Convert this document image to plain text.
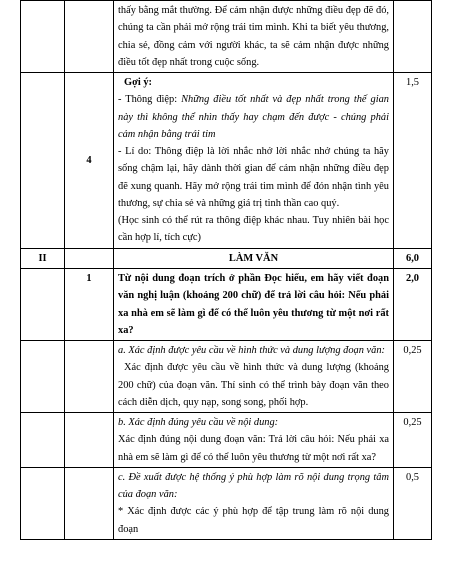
		thấy bằng mắt thường. Để cảm nhận được những điều đẹp đẽ đó, chúng ta cần phải mở rộng trái tim mình. Khi ta biết yêu thương, chia sẻ, đồng cảm với người khác, ta sẽ cảm nhận được những điều tốt đẹp nhất trong cuộc sống.	
	4	Gợi ý:

- Thông điệp: Những điều tốt nhất và đẹp nhất trong thế gian này thì không thể nhìn thấy hay chạm đến được - chúng phải cảm nhận bằng trái tim

- Lí do: Thông điệp là lời nhắc nhở lời nhắc nhở chúng ta hãy sống chậm lại, hãy dành thời gian để cảm nhận những điều đẹp đẽ xung quanh. Hãy mở rộng trái tim mình để đón nhận tình yêu thương, sự chia sẻ và những giá trị tinh thần cao quý.

(Học sinh có thể rút ra thông điệp khác nhau. Tuy nhiên bài học cần hợp lí, tích cực)	1,5
II		LÀM VĂN	6,0
	1	Từ nội dung đoạn trích ở phần Đọc hiểu, em hãy viết đoạn văn nghị luận (khoảng 200 chữ) để trả lời câu hỏi: Nếu phải xa nhà em sẽ làm gì để có thể luôn yêu thương từ một nơi rất xa?	2,0

		a. Xác định được yêu cầu về hình thức và dung lượng đoạn văn:

Xác định được yêu cầu về hình thức và dung lượng (khoảng 200 chữ) của đoạn văn. Thí sinh có thể trình bày đoạn văn theo cách diễn dịch, quy nạp, song song, phối hợp.	0,25

		b. Xác định đúng yêu cầu về nội dung:

Xác định đúng nội dung đoạn văn: Trả lời câu hỏi: Nếu phải xa nhà em sẽ làm gì để có thể luôn yêu thương từ một nơi rất xa?	0,25

		c. Đề xuất được hệ thống ý phù hợp làm rõ nội dung trọng tâm của đoạn văn:

* Xác định được các ý phù hợp để tập trung làm rõ nội dung đoạn	0,5
